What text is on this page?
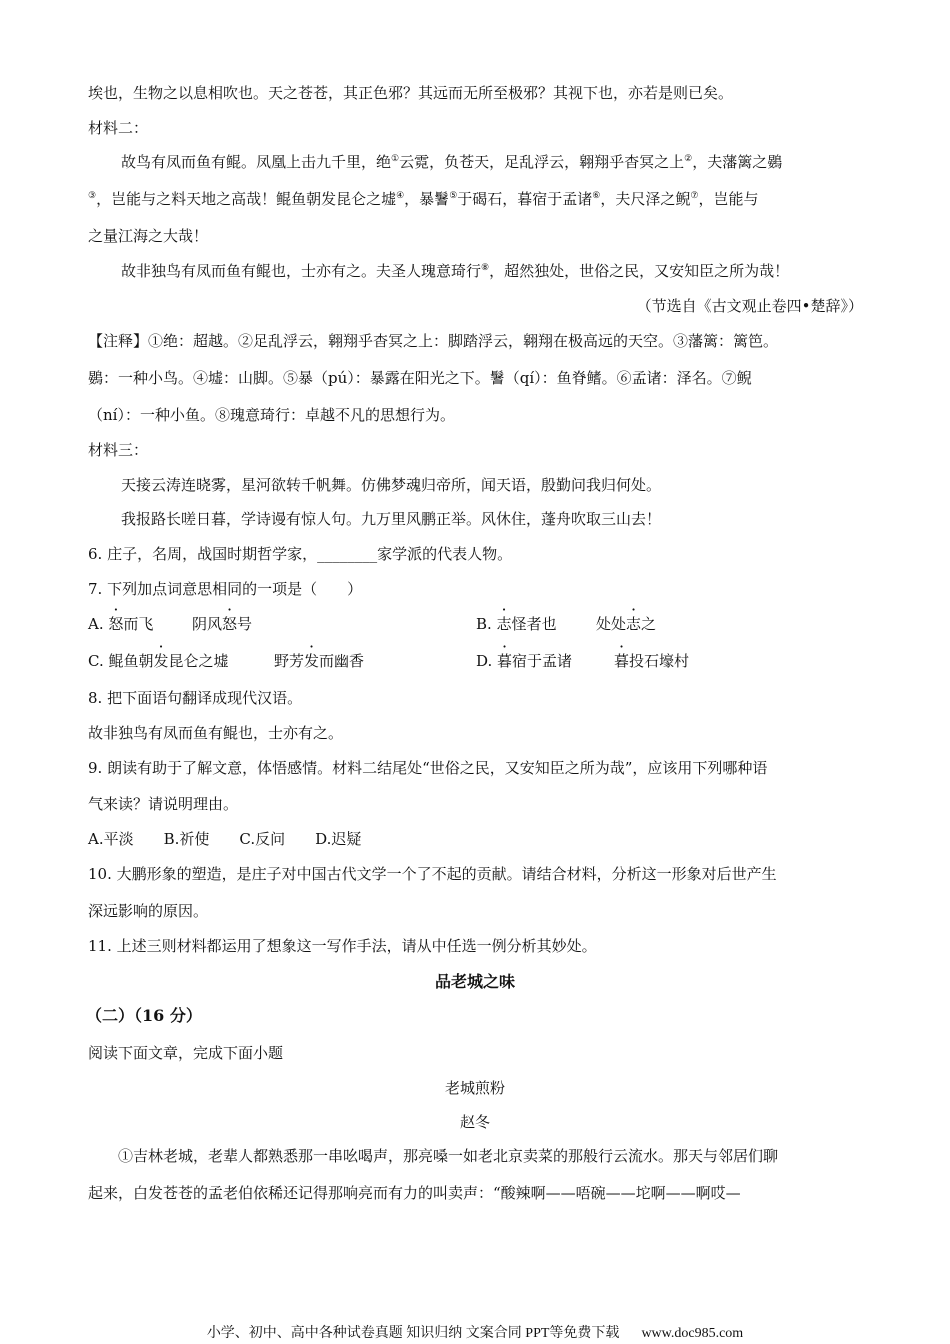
埃也，生物之以息相吹也。天之苍苍，其正色邪？其远而无所至极邪？其视下也，亦若是则已矣。
材料二：
故鸟有凤而鱼有鲲。凤凰上击九千里，绝①云霓，负苍天，足乱浮云，翱翔乎杳冥之上②，夫藩篱之鷃
③，岂能与之料天地之高哉！鲲鱼朝发昆仑之墟④，暴鬐⑤于碣石，暮宿于孟诸⑥，夫尺泽之鲵⑦，岂能与
之量江海之大哉！
故非独鸟有凤而鱼有鲲也，士亦有之。夫圣人瑰意琦行⑧，超然独处，世俗之民，又安知臣之所为哉！
（节选自《古文观止卷四•楚辞》）
【注释】①绝：超越。②足乱浮云，翱翔乎杳冥之上：脚踏浮云，翱翔在极高远的天空。③藩篱：篱笆。
鷃：一种小鸟。④墟：山脚。⑤暴（pú）：暴露在阳光之下。鬐（qí）：鱼脊鳍。⑥孟诸：泽名。⑦鲵
（ní）：一种小鱼。⑧瑰意琦行：卓越不凡的思想行为。
材料三：
天接云涛连晓雾，星河欲转千帆舞。仿佛梦魂归帝所，闻天语，殷勤问我归何处。
我报路长嗟日暮，学诗谩有惊人句。九万里风鹏正举。风休住，蓬舟吹取三山去！
6. 庄子，名周，战国时期哲学家，________家学派的代表人物。
7. 下列加点词意思相同的一项是（　　）
A. 怒而飞	阴风怒号	B. 志怪者也	处处志之
C. 鲲鱼朝发昆仑之墟	野芳发而幽香	D. 暮宿于孟诸	暮投石壕村
8. 把下面语句翻译成现代汉语。
故非独鸟有凤而鱼有鲲也，士亦有之。
9. 朗读有助于了解文意，体悟感情。材料二结尾处“世俗之民，又安知臣之所为哉”，应该用下列哪种语
气来读？请说明理由。
A.平淡　　B.祈使　　C.反问　　D.迟疑
10. 大鹏形象的塑造，是庄子对中国古代文学一个了不起的贡献。请结合材料，分析这一形象对后世产生
深远影响的原因。
11. 上述三则材料都运用了想象这一写作手法，请从中任选一例分析其妙处。
品老城之味
（二）（16 分）
阅读下面文章，完成下面小题
老城煎粉
赵冬
①吉林老城，老辈人都熟悉那一串吆喝声，那亮嗓一如老北京卖菜的那般行云流水。那天与邻居们聊
起来，白发苍苍的孟老伯依稀还记得那响亮而有力的叫卖声：“酸辣啊——唔碗——坨啊——啊哎—
小学、初中、高中各种试卷真题 知识归纳 文案合同 PPT等免费下载 www.doc985.com
